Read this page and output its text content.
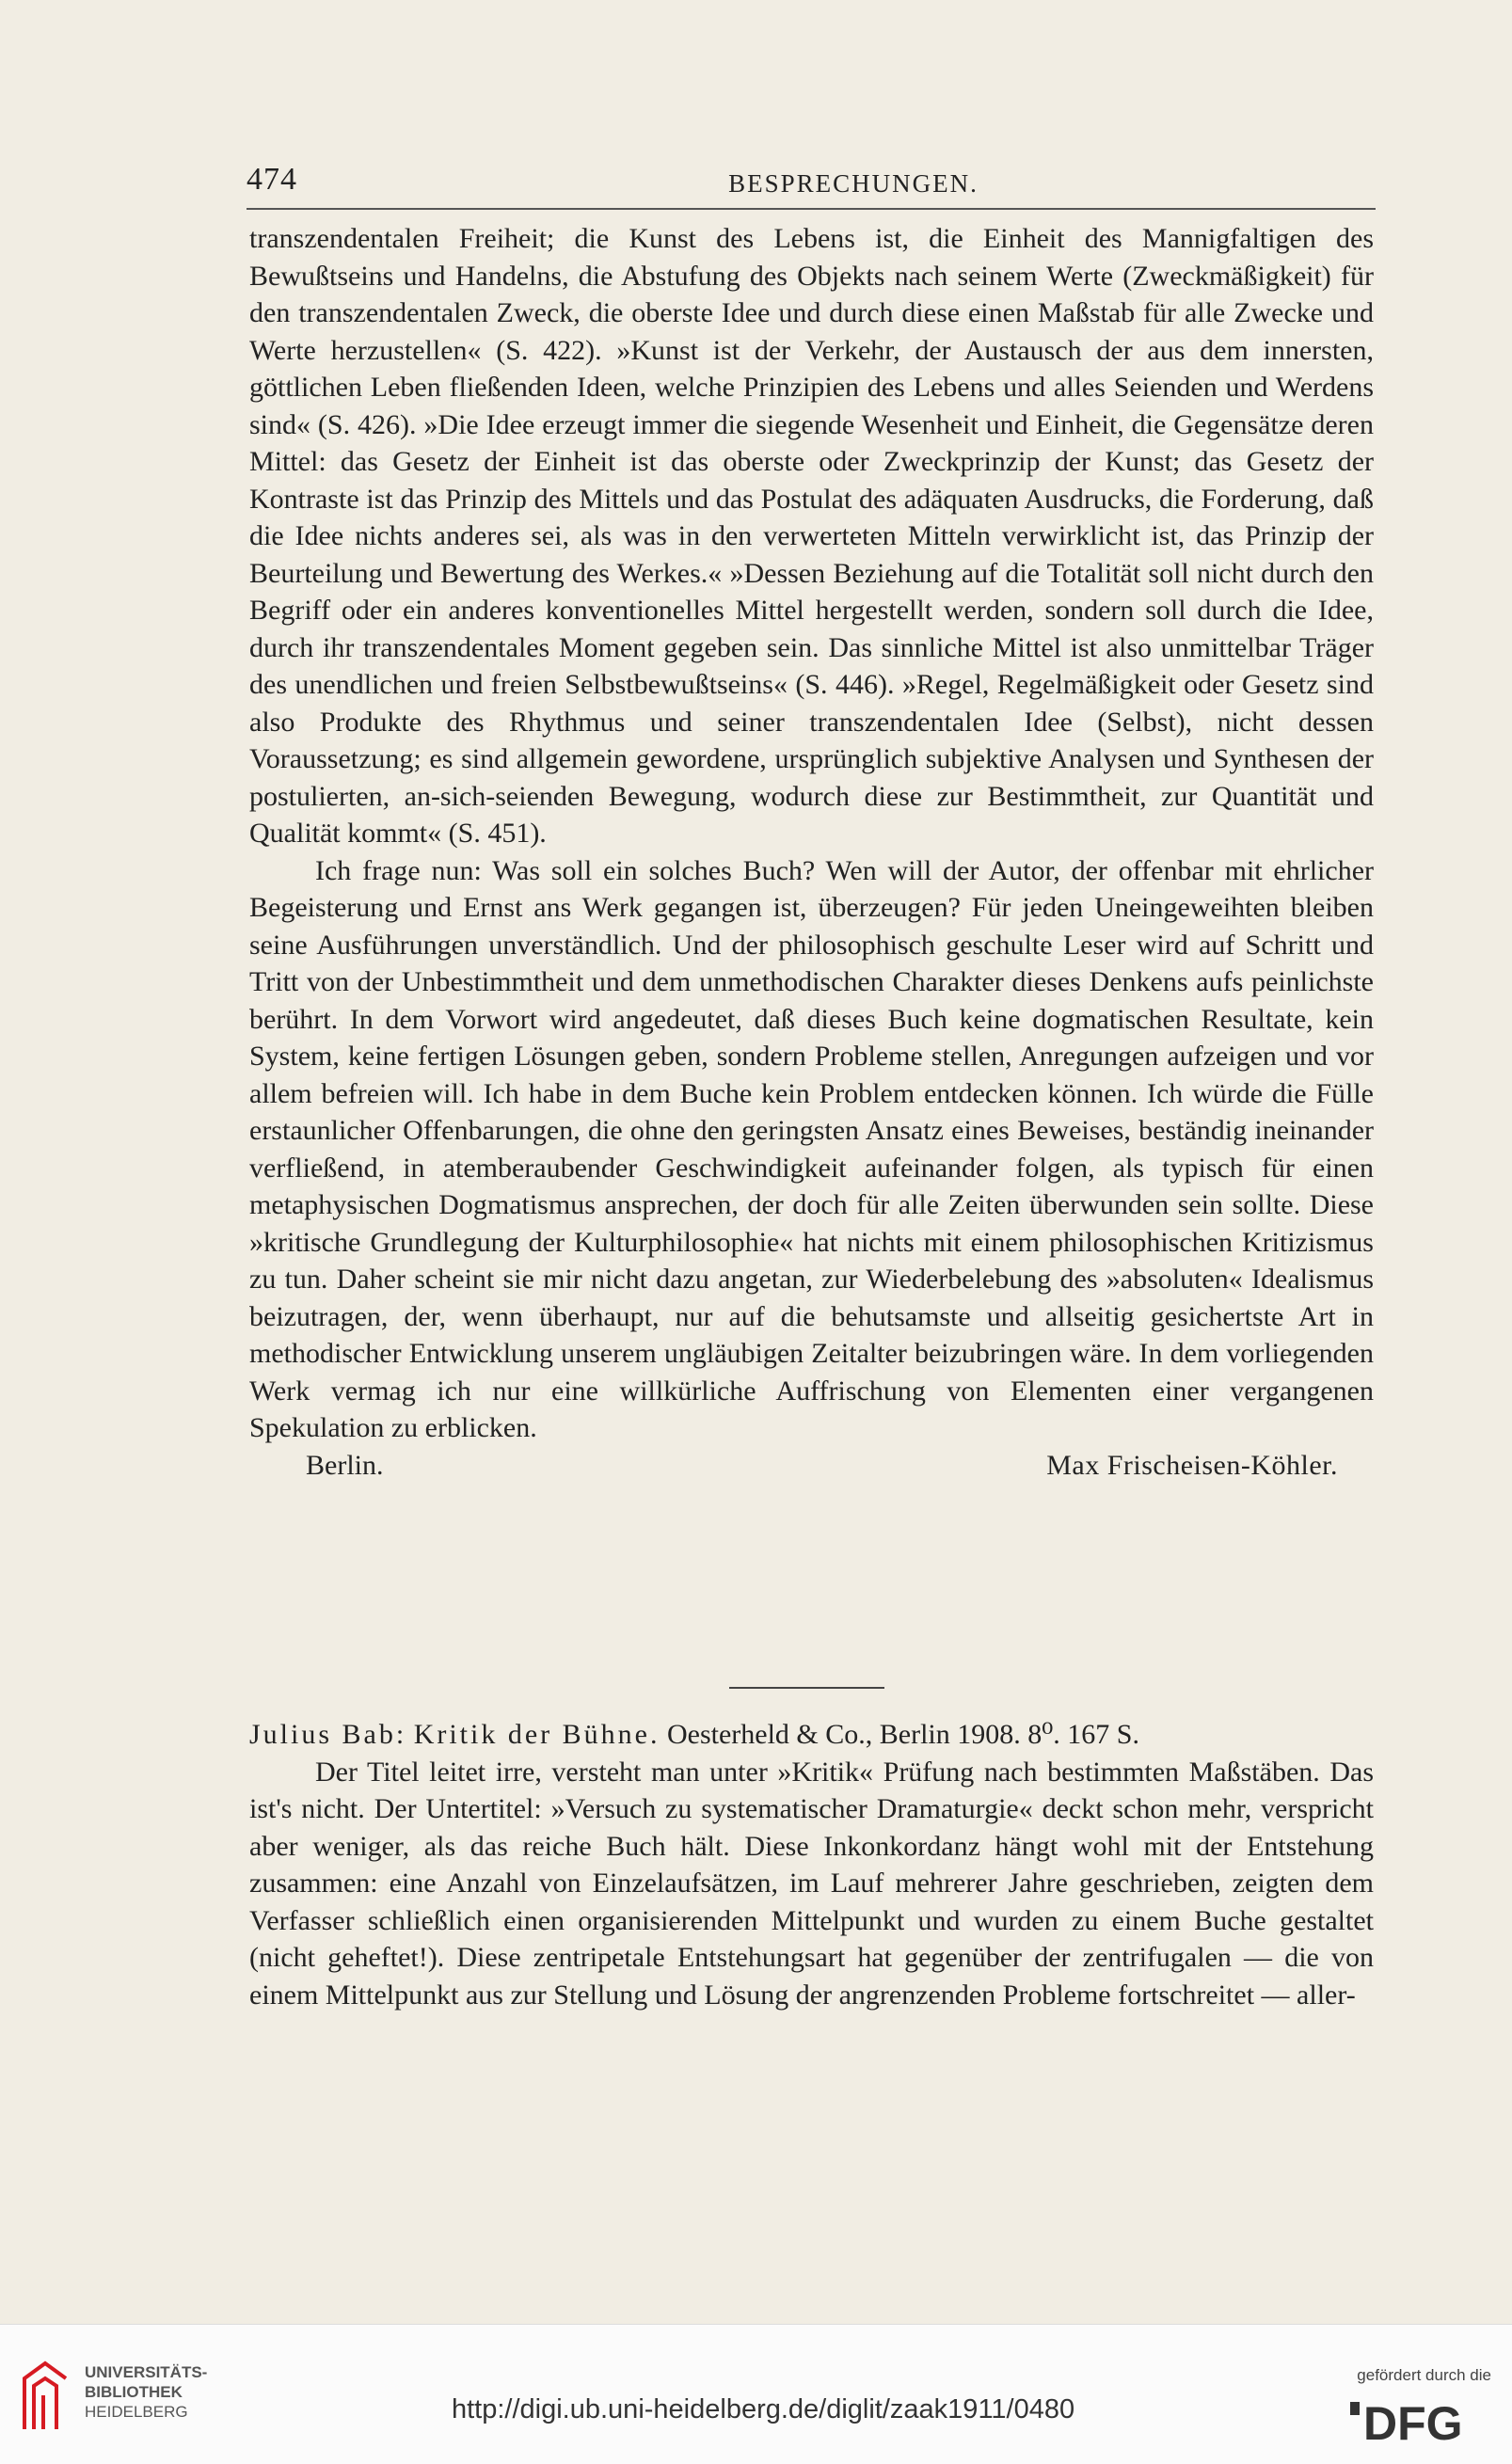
474	BESPRECHUNGEN.

transzendentalen Freiheit; die Kunst des Lebens ist, die Einheit des Mannigfaltigen des Bewußtseins und Handelns, die Abstufung des Objekts nach seinem Werte (Zweckmäßigkeit) für den transzendentalen Zweck, die oberste Idee und durch diese einen Maßstab für alle Zwecke und Werte herzustellen« (S. 422). »Kunst ist der Verkehr, der Austausch der aus dem innersten, göttlichen Leben fließenden Ideen, welche Prinzipien des Lebens und alles Seienden und Werdens sind« (S. 426). »Die Idee erzeugt immer die siegende Wesenheit und Einheit, die Gegensätze deren Mittel: das Gesetz der Einheit ist das oberste oder Zweckprinzip der Kunst; das Gesetz der Kontraste ist das Prinzip des Mittels und das Postulat des adäquaten Ausdrucks, die Forderung, daß die Idee nichts anderes sei, als was in den verwerteten Mitteln verwirklicht ist, das Prinzip der Beurteilung und Bewertung des Werkes.« »Dessen Beziehung auf die Totalität soll nicht durch den Begriff oder ein anderes konventionelles Mittel hergestellt werden, sondern soll durch die Idee, durch ihr transzendentales Moment gegeben sein. Das sinnliche Mittel ist also unmittelbar Träger des unendlichen und freien Selbstbewußtseins« (S. 446). »Regel, Regelmäßigkeit oder Gesetz sind also Produkte des Rhythmus und seiner transzendentalen Idee (Selbst), nicht dessen Voraussetzung; es sind allgemein gewordene, ursprünglich subjektive Analysen und Synthesen der postulierten, an-sich-seienden Bewegung, wodurch diese zur Bestimmtheit, zur Quantität und Qualität kommt« (S. 451).

Ich frage nun: Was soll ein solches Buch? Wen will der Autor, der offenbar mit ehrlicher Begeisterung und Ernst ans Werk gegangen ist, überzeugen? Für jeden Uneingeweihten bleiben seine Ausführungen unverständlich. Und der philosophisch geschulte Leser wird auf Schritt und Tritt von der Unbestimmtheit und dem unmethodischen Charakter dieses Denkens aufs peinlichste berührt. In dem Vorwort wird angedeutet, daß dieses Buch keine dogmatischen Resultate, kein System, keine fertigen Lösungen geben, sondern Probleme stellen, Anregungen aufzeigen und vor allem befreien will. Ich habe in dem Buche kein Problem entdecken können. Ich würde die Fülle erstaunlicher Offenbarungen, die ohne den geringsten Ansatz eines Beweises, beständig ineinander verfließend, in atemberaubender Geschwindigkeit aufeinander folgen, als typisch für einen metaphysischen Dogmatismus ansprechen, der doch für alle Zeiten überwunden sein sollte. Diese »kritische Grundlegung der Kulturphilosophie« hat nichts mit einem philosophischen Kritizismus zu tun. Daher scheint sie mir nicht dazu angetan, zur Wiederbelebung des »absoluten« Idealismus beizutragen, der, wenn überhaupt, nur auf die behutsamste und allseitig gesichertste Art in methodischer Entwicklung unserem ungläubigen Zeitalter beizubringen wäre. In dem vorliegenden Werk vermag ich nur eine willkürliche Auffrischung von Elementen einer vergangenen Spekulation zu erblicken.

Berlin.	Max Frischeisen-Köhler.

Julius Bab: Kritik der Bühne. Oesterheld & Co., Berlin 1908. 8⁰. 167 S.

Der Titel leitet irre, versteht man unter »Kritik« Prüfung nach bestimmten Maßstäben. Das ist's nicht. Der Untertitel: »Versuch zu systematischer Dramaturgie« deckt schon mehr, verspricht aber weniger, als das reiche Buch hält. Diese Inkonkordanz hängt wohl mit der Entstehung zusammen: eine Anzahl von Einzelaufsätzen, im Lauf mehrerer Jahre geschrieben, zeigten dem Verfasser schließlich einen organisierenden Mittelpunkt und wurden zu einem Buche gestaltet (nicht geheftet!). Diese zentripetale Entstehungsart hat gegenüber der zentrifugalen — die von einem Mittelpunkt aus zur Stellung und Lösung der angrenzenden Probleme fortschreitet — aller-

UNIVERSITÄTS-
BIBLIOTHEK
HEIDELBERG	http://digi.ub.uni-heidelberg.de/diglit/zaak1911/0480
gefördert durch die
DFG
